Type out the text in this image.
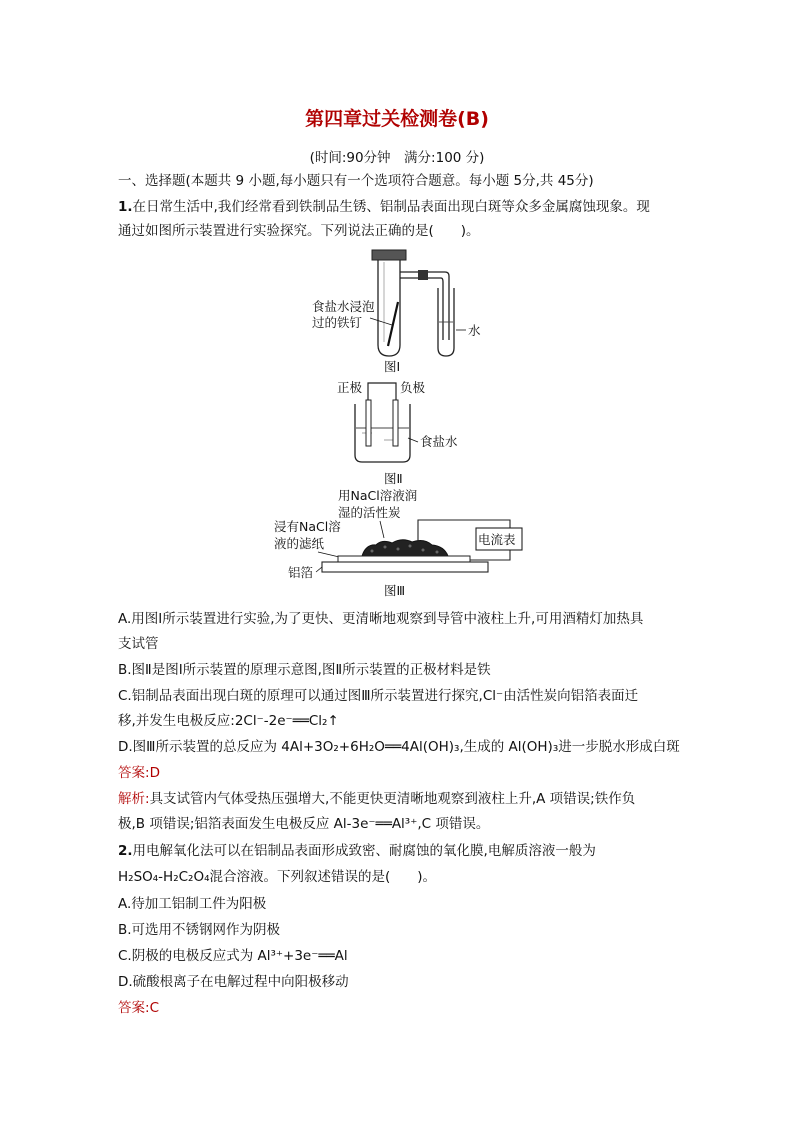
第四章过关检测卷(B)
(时间:90分钟　满分:100 分)
一、选择题(本题共 9 小题,每小题只有一个选项符合题意。每小题 5分,共 45分)
1.在日常生活中,我们经常看到铁制品生锈、铝制品表面出现白斑等众多金属腐蚀现象。现
通过如图所示装置进行实验探究。下列说法正确的是(　　)。
食盐水浸泡
过的铁钉
水
图Ⅰ
正极	负极
食盐水
图Ⅱ
用NaCl溶液润
湿的活性炭
浸有NaCl溶
液的滤纸	电流表
铝箔
图Ⅲ
A.用图Ⅰ所示装置进行实验,为了更快、更清晰地观察到导管中液柱上升,可用酒精灯加热具
支试管
B.图Ⅱ是图Ⅰ所示装置的原理示意图,图Ⅱ所示装置的正极材料是铁
C.铝制品表面出现白斑的原理可以通过图Ⅲ所示装置进行探究,Cl⁻由活性炭向铝箔表面迁
移,并发生电极反应:2Cl⁻-2e⁻══Cl₂↑
D.图Ⅲ所示装置的总反应为 4Al+3O₂+6H₂O══4Al(OH)₃,生成的 Al(OH)₃进一步脱水形成白斑
答案:D
解析:具支试管内气体受热压强增大,不能更快更清晰地观察到液柱上升,A 项错误;铁作负
极,B 项错误;铝箔表面发生电极反应 Al-3e⁻══Al³⁺,C 项错误。
2.用电解氧化法可以在铝制品表面形成致密、耐腐蚀的氧化膜,电解质溶液一般为
H₂SO₄-H₂C₂O₄混合溶液。下列叙述错误的是(　　)。
A.待加工铝制工件为阳极
B.可选用不锈钢网作为阴极
C.阴极的电极反应式为 Al³⁺+3e⁻══Al
D.硫酸根离子在电解过程中向阳极移动
答案:C
